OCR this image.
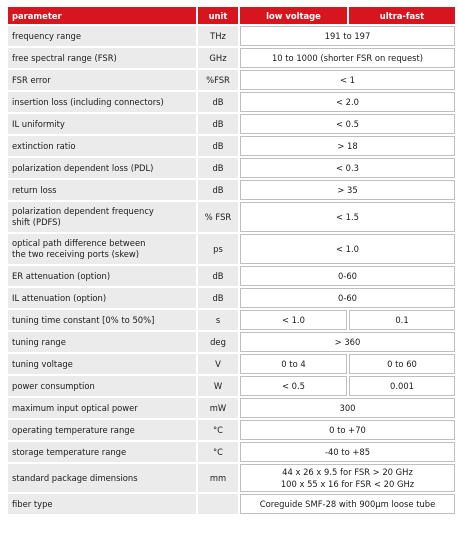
parameter	unit	low voltage	ultra-fast
frequency range	THz	191 to 197	
free spectral range (FSR)	GHz	10 to 1000 (shorter FSR on request)	
FSR error	%FSR	< 1	
insertion loss (including connectors)	dB	< 2.0	
IL uniformity	dB	< 0.5	
extinction ratio	dB	> 18	
polarization dependent loss (PDL)	dB	< 0.3	
return loss	dB	> 35	
polarization dependent frequency
shift (PDFS)	% FSR	< 1.5	
optical path difference between
the two receiving ports (skew)	ps	< 1.0	
ER attenuation (option)	dB	0-60	
IL attenuation (option)	dB	0-60	
tuning time constant [0% to 50%]	s	< 1.0	0.1
tuning range	deg	> 360	
tuning voltage	V	0 to 4	0 to 60
power consumption	W	< 0.5	0.001
maximum input optical power	mW	300	
operating temperature range	°C	0 to +70	
storage temperature range	°C	-40 to +85	
standard package dimensions	mm	44 x 26 x 9.5 for FSR > 20 GHz
100 x 55 x 16 for FSR < 20 GHz	
fiber type		Coreguide SMF-28 with 900µm loose tube	
